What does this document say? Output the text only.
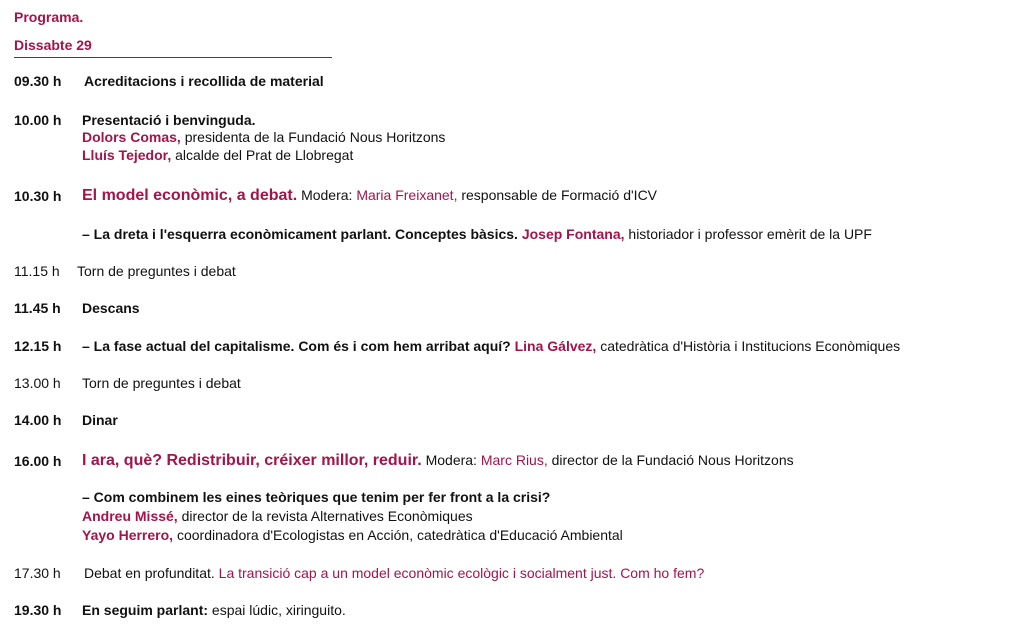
Programa.
Dissabte 29
09.30 h Acreditacions i recollida de material
10.00 h Presentació i benvinguda.
Dolors Comas, presidenta de la Fundació Nous Horitzons
Lluís Tejedor, alcalde del Prat de Llobregat
10.30 h El model econòmic, a debat. Modera: Maria Freixanet, responsable de Formació d'ICV
– La dreta i l'esquerra econòmicament parlant. Conceptes bàsics. Josep Fontana, historiador i professor emèrit de la UPF
11.15 h Torn de preguntes i debat
11.45 h Descans
12.15 h – La fase actual del capitalisme. Com és i com hem arribat aquí? Lina Gálvez, catedràtica d'Història i Institucions Econòmiques
13.00 h Torn de preguntes i debat
14.00 h Dinar
16.00 h I ara, què? Redistribuir, créixer millor, reduir. Modera: Marc Rius, director de la Fundació Nous Horitzons
– Com combinem les eines teòriques que tenim per fer front a la crisi?
Andreu Missé, director de la revista Alternatives Econòmiques
Yayo Herrero, coordinadora d'Ecologistas en Acción, catedràtica d'Educació Ambiental
17.30 h Debat en profunditat. La transició cap a un model econòmic ecològic i socialment just. Com ho fem?
19.30 h En seguim parlant: espai lúdic, xiringuito.
